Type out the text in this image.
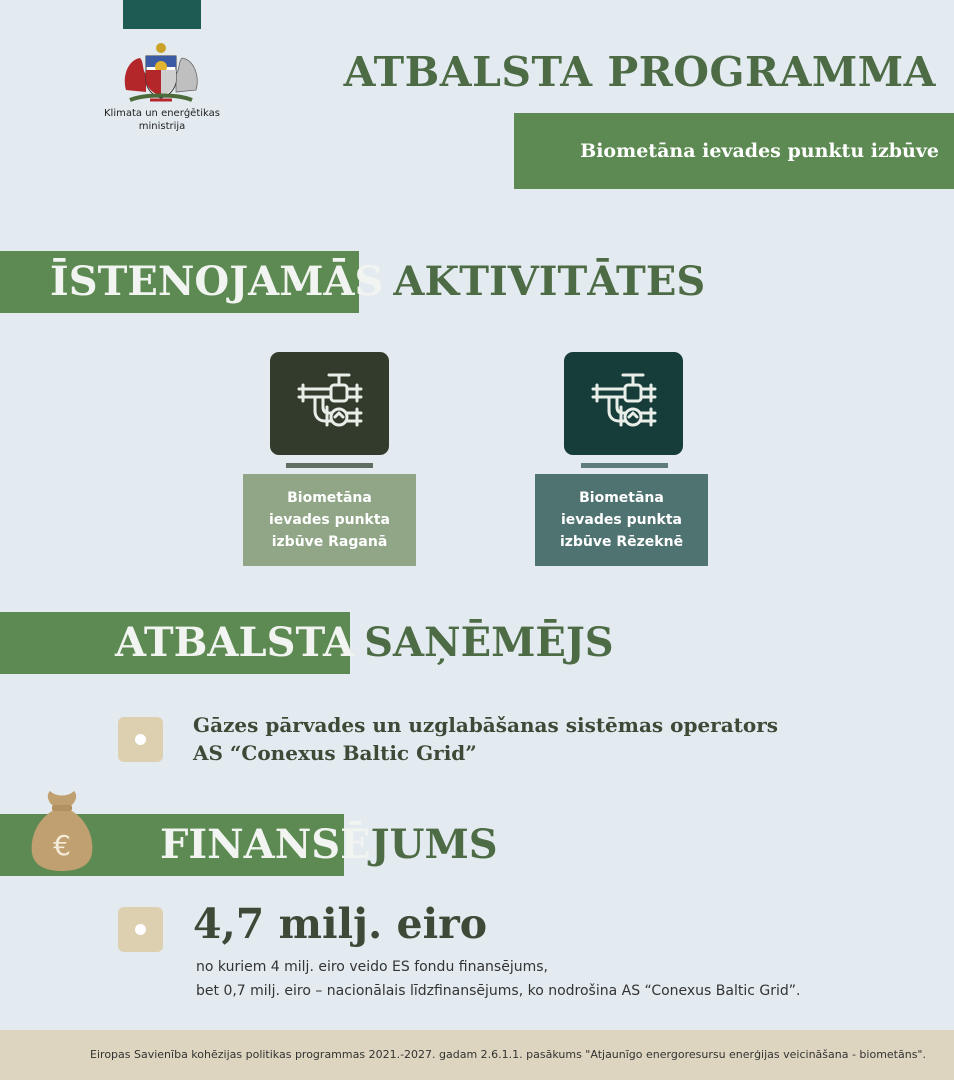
Klimata un enerģētikas
ministrija
ATBALSTA PROGRAMMA
Biometāna ievades punktu izbūve
ĪSTENOJAMĀS AKTIVITĀTES
Biometāna ievades punkta izbūve Raganā
Biometāna ievades punkta izbūve Rēzeknē
ATBALSTA SAŅĒMĒJS
Gāzes pārvades un uzglabāšanas sistēmas operators
AS “Conexus Baltic Grid”
€ FINANSĒJUMS
4,7 milj. eiro
no kuriem 4 milj. eiro veido ES fondu finansējums,
bet 0,7 milj. eiro – nacionālais līdzfinansējums, ko nodrošina AS “Conexus Baltic Grid”.
Eiropas Savienība kohēzijas politikas programmas 2021.-2027. gadam 2.6.1.1. pasākums "Atjaunīgo energoresursu enerģijas veicināšana - biometāns".
